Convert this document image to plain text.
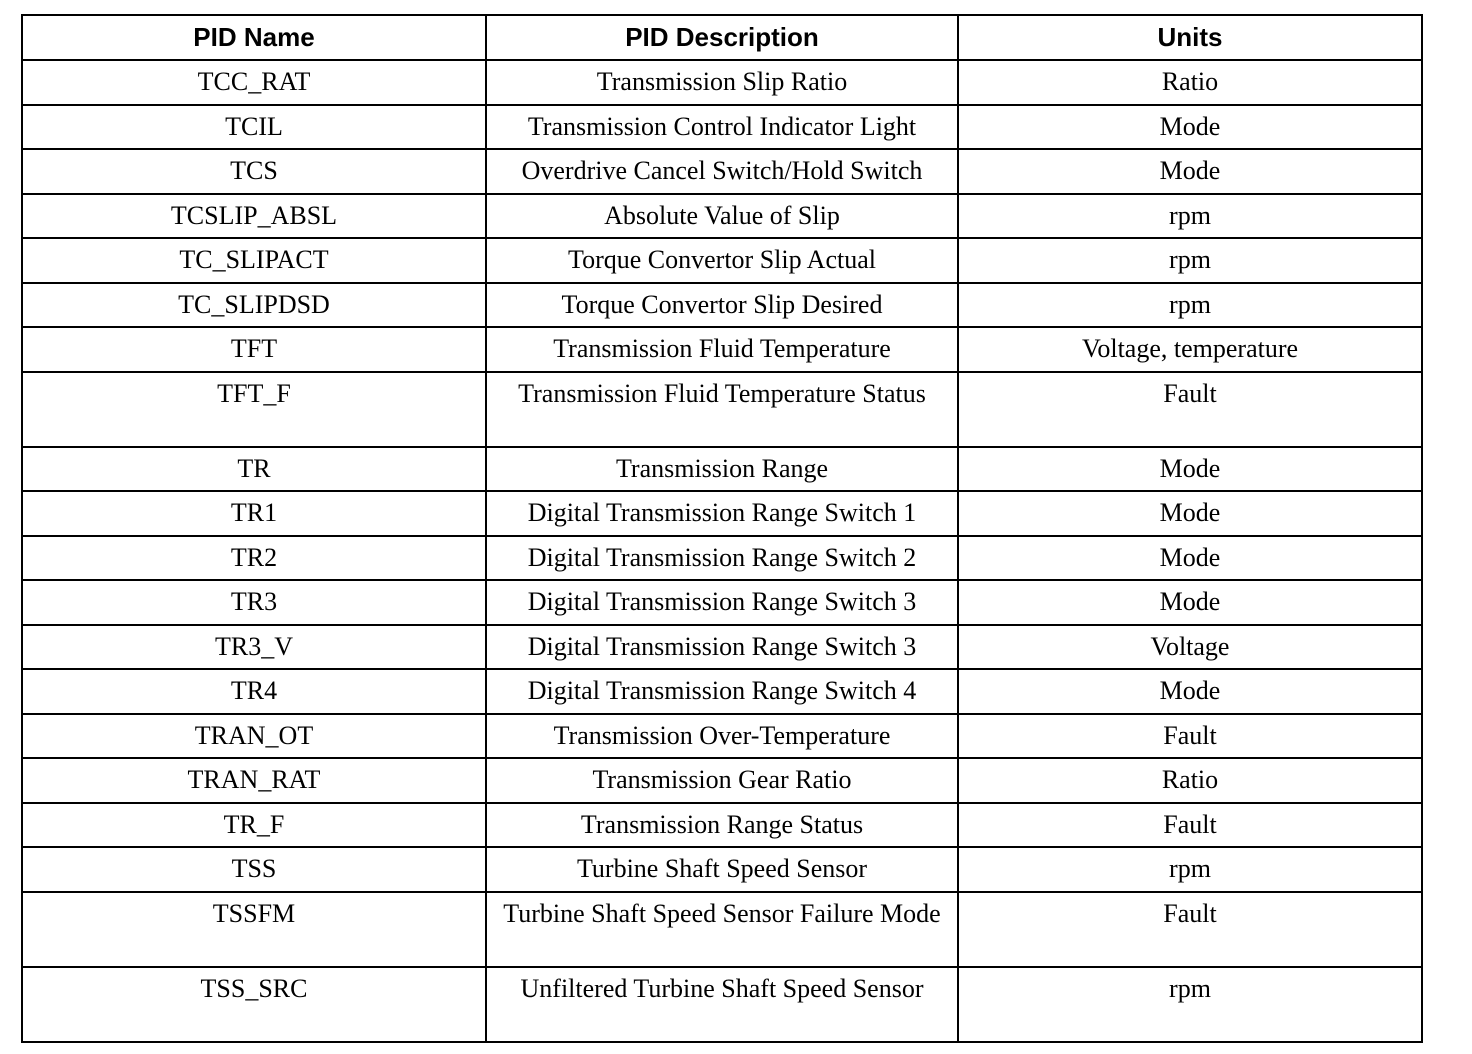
PID Name	PID Description	Units
TCC_RAT	Transmission Slip Ratio	Ratio
TCIL	Transmission Control Indicator Light	Mode
TCS	Overdrive Cancel Switch/Hold Switch	Mode
TCSLIP_ABSL	Absolute Value of Slip	rpm
TC_SLIPACT	Torque Convertor Slip Actual	rpm
TC_SLIPDSD	Torque Convertor Slip Desired	rpm
TFT	Transmission Fluid Temperature	Voltage, temperature
TFT_F	Transmission Fluid Temperature Status	Fault
TR	Transmission Range	Mode
TR1	Digital Transmission Range Switch 1	Mode
TR2	Digital Transmission Range Switch 2	Mode
TR3	Digital Transmission Range Switch 3	Mode
TR3_V	Digital Transmission Range Switch 3	Voltage
TR4	Digital Transmission Range Switch 4	Mode
TRAN_OT	Transmission Over-Temperature	Fault
TRAN_RAT	Transmission Gear Ratio	Ratio
TR_F	Transmission Range Status	Fault
TSS	Turbine Shaft Speed Sensor	rpm
TSSFM	Turbine Shaft Speed Sensor Failure Mode	Fault
TSS_SRC	Unfiltered Turbine Shaft Speed Sensor	rpm
